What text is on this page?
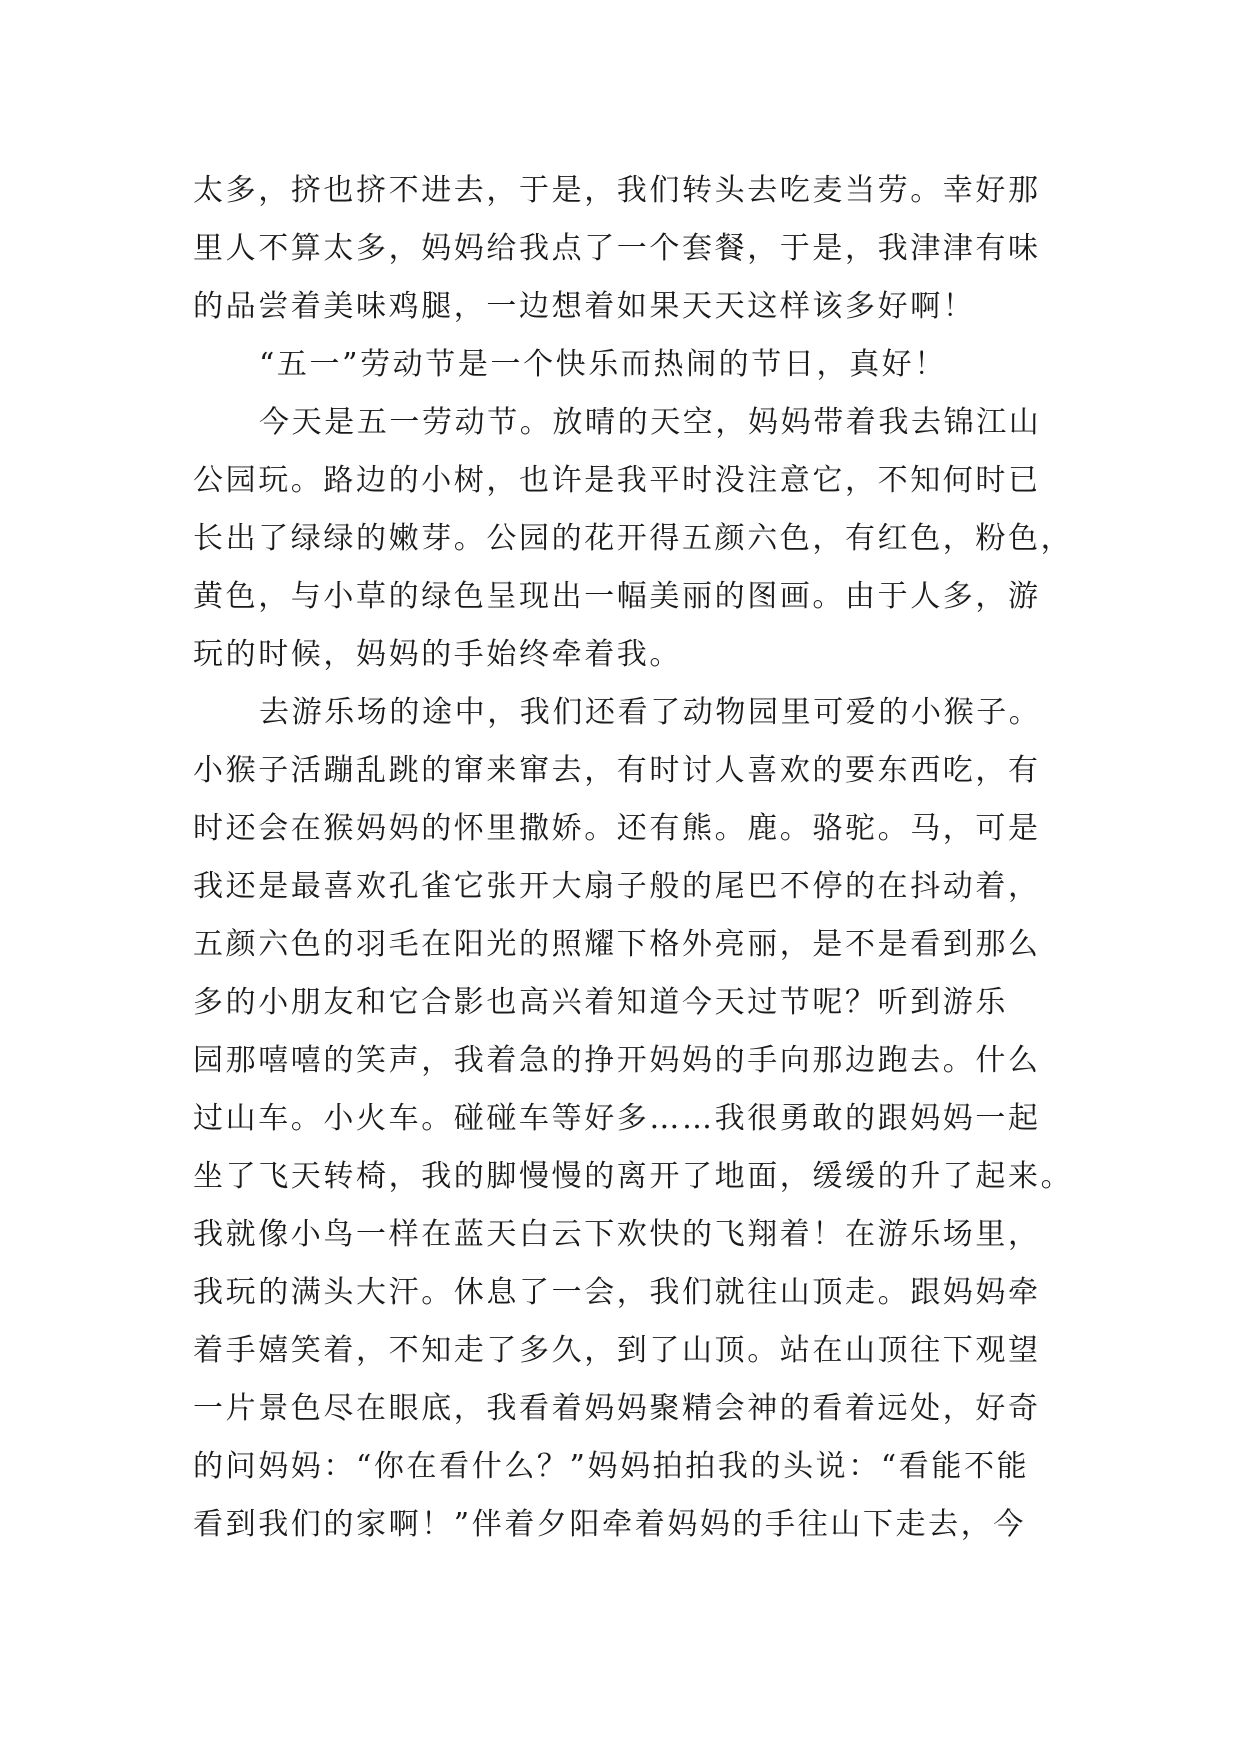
太多，挤也挤不进去，于是，我们转头去吃麦当劳。幸好那
里人不算太多，妈妈给我点了一个套餐，于是，我津津有味
的品尝着美味鸡腿，一边想着如果天天这样该多好啊！
“五一”劳动节是一个快乐而热闹的节日，真好！
今天是五一劳动节。放晴的天空，妈妈带着我去锦江山
公园玩。路边的小树，也许是我平时没注意它，不知何时已
长出了绿绿的嫩芽。公园的花开得五颜六色，有红色，粉色，
黄色，与小草的绿色呈现出一幅美丽的图画。由于人多，游
玩的时候，妈妈的手始终牵着我。
去游乐场的途中，我们还看了动物园里可爱的小猴子。
小猴子活蹦乱跳的窜来窜去，有时讨人喜欢的要东西吃，有
时还会在猴妈妈的怀里撒娇。还有熊。鹿。骆驼。马，可是
我还是最喜欢孔雀它张开大扇子般的尾巴不停的在抖动着，
五颜六色的羽毛在阳光的照耀下格外亮丽，是不是看到那么
多的小朋友和它合影也高兴着知道今天过节呢？听到游乐
园那嘻嘻的笑声，我着急的挣开妈妈的手向那边跑去。什么
过山车。小火车。碰碰车等好多……我很勇敢的跟妈妈一起
坐了飞天转椅，我的脚慢慢的离开了地面，缓缓的升了起来。
我就像小鸟一样在蓝天白云下欢快的飞翔着！在游乐场里，
我玩的满头大汗。休息了一会，我们就往山顶走。跟妈妈牵
着手嬉笑着，不知走了多久，到了山顶。站在山顶往下观望
一片景色尽在眼底，我看着妈妈聚精会神的看着远处，好奇
的问妈妈：“你在看什么？”妈妈拍拍我的头说：“看能不能
看到我们的家啊！”伴着夕阳牵着妈妈的手往山下走去，今
